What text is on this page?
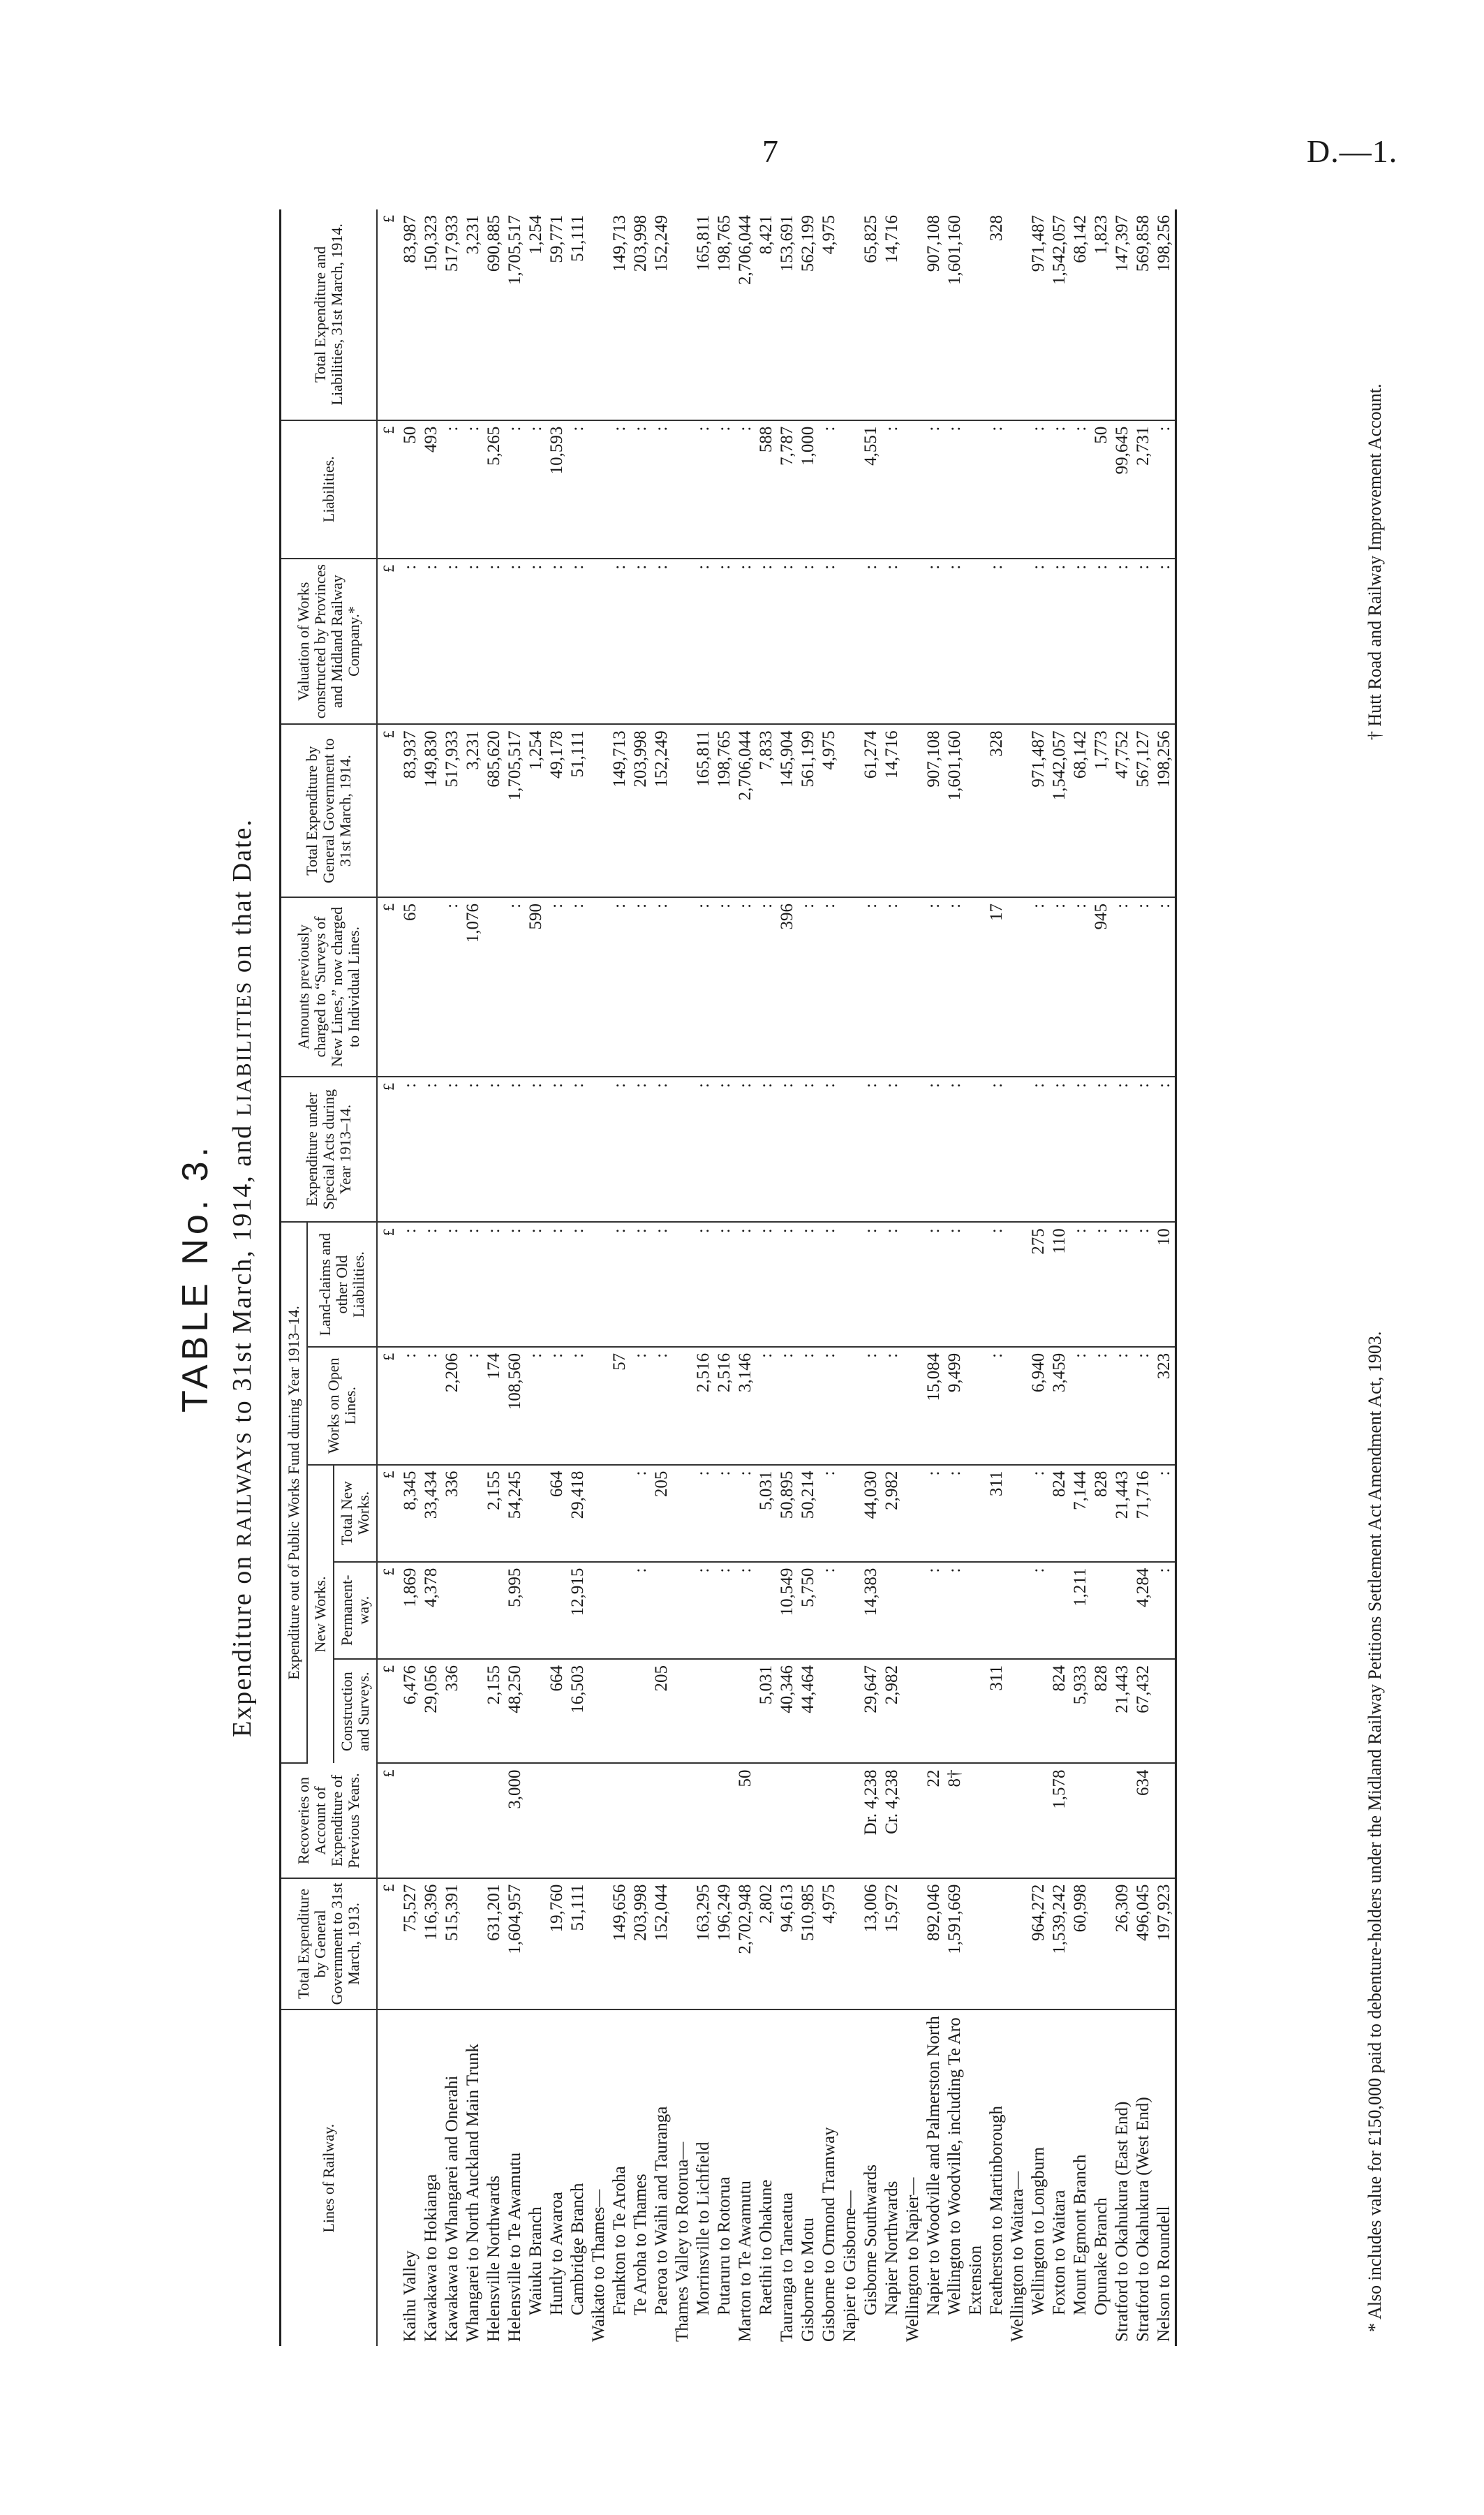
7	D.—1.
TABLE No. 3.
Expenditure on RAILWAYS to 31st March, 1914, and LIABILITIES on that Date.
Lines of Railway.	Total Expenditure by General Government to 31st March, 1913.	Recoveries on Account of Expenditure of Previous Years.	Expenditure out of Public Works Fund during Year 1913–14.					Expenditure under Special Acts during Year 1913–14.	Amounts previously charged to “Surveys of New Lines,” now charged to Individual Lines.	Total Expenditure by General Government to 31st March, 1914.	Valuation of Works constructed by Provinces and Midland Railway Company.*	Liabilities.	Total Expenditure and Liabilities, 31st March, 1914.
			New Works.			Works on Open Lines.	Land-claims and other Old Liabilities.						
			Construction and Surveys.	Permanent-way.	Total New Works.								
	£	£	£	£	£	£	£	£	£	£	£	£	£
Kaihu Valley	75,527		6,476	1,869	8,345	:	:	:	65	83,937	:	50	83,987
Kawakawa to Hokianga	116,396		29,056	4,378	33,434	:	:	:		149,830	:	493	150,323
Kawakawa to Whangarei and Onerahi	515,391		336		336	2,206	:	:	:	517,933	:	:	517,933
Whangarei to North Auckland Main Trunk						:	:	:	1,076	3,231	:	:	3,231
Helensville Northwards	631,201		2,155		2,155	174	:	:		685,620	:	5,265	690,885
Helensville to Te Awamutu	1,604,957	3,000	48,250	5,995	54,245	108,560	:	:	:	1,705,517	:	:	1,705,517
Waiuku Branch						:	:	:	590	1,254	:	:	1,254
Huntly to Awaroa	19,760		664		664	:	:	:	:	49,178	:	10,593	59,771
Cambridge Branch	51,111		16,503	12,915	29,418	:	:	:	:	51,111	:	:	51,111
Waikato to Thames—													
Frankton to Te Aroha	149,656					57	:	:	:	149,713	:	:	149,713
Te Aroha to Thames	203,998			:	:	:	:	:	:	203,998	:	:	203,998
Paeroa to Waihi and Tauranga	152,044		205		205	:	:	:	:	152,249	:	:	152,249
Thames Valley to Rotorua—													
Morrinsville to Lichfield	163,295			:	:	2,516	:	:	:	165,811	:	:	165,811
Putaruru to Rotorua	196,249			:	:	2,516	:	:	:	198,765	:	:	198,765
Marton to Te Awamutu	2,702,948	50		:	:	3,146	:	:	:	2,706,044	:	:	2,706,044
Raetihi to Ohakune	2,802		5,031		5,031	:	:	:	:	7,833	:	588	8,421
Tauranga to Taneatua	94,613		40,346	10,549	50,895	:	:	:	396	145,904	:	7,787	153,691
Gisborne to Motu	510,985		44,464	5,750	50,214	:	:	:	:	561,199	:	1,000	562,199
Gisborne to Ormond Tramway	4,975			:	:	:	:	:	:	4,975	:	:	4,975
Napier to Gisborne—													
Gisborne Southwards	13,006	Dr. 4,238	29,647	14,383	44,030	:	:	:	:	61,274	:	4,551	65,825
Napier Northwards	15,972	Cr. 4,238	2,982		2,982	:	:	:	:	14,716	:	:	14,716
Wellington to Napier—													
Napier to Woodville and Palmerston North	892,046	22		:	:	15,084	:	:	:	907,108	:	:	907,108
Wellington to Woodville, including Te Aro	1,591,669	8†		:	:	9,499	:	:	:	1,601,160	:	:	1,601,160
Extension													
Featherston to Martinborough			311		311	:	:	:	17	328	:	:	328
Wellington to Waitara—													
Wellington to Longburn	964,272			:	:	6,940	275	:	:	971,487	:	:	971,487
Foxton to Waitara	1,539,242	1,578	824		824	3,459	110	:	:	1,542,057	:	:	1,542,057
Mount Egmont Branch	60,998		5,933	1,211	7,144	:	:	:	:	68,142	:	:	68,142
Opunake Branch			828		828	:	:	:	945	1,773	:	50	1,823
Stratford to Okahukura (East End)	26,309		21,443		21,443	:	:	:	:	47,752	:	99,645	147,397
Stratford to Okahukura (West End)	496,045	634	67,432	4,284	71,716	:	:	:	:	567,127	:	2,731	569,858
Nelson to Roundell	197,923			:	:	323	10	:	:	198,256	:	:	198,256
* Also includes value for £150,000 paid to debenture-holders under the Midland Railway Petitions Settlement Act Amendment Act, 1903.
† Hutt Road and Railway Improvement Account.
